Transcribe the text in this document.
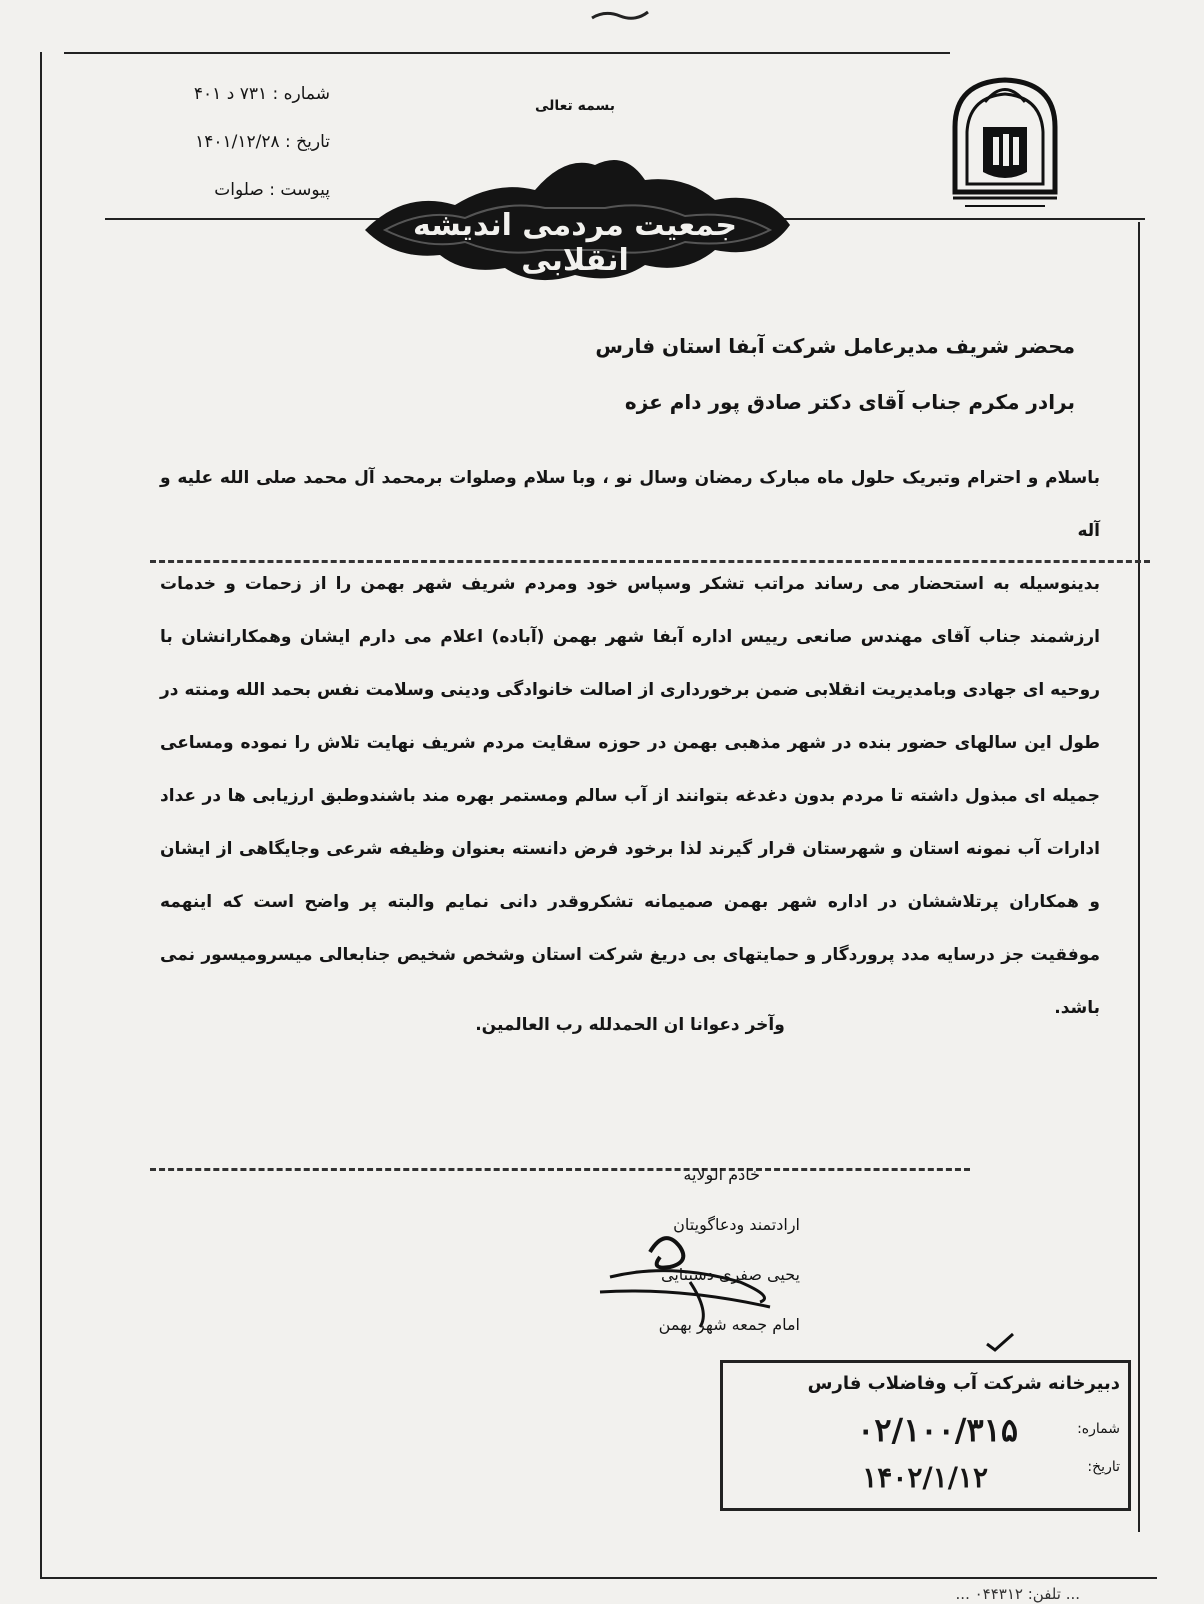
شماره : ۷۳۱ د ۴۰۱
تاریخ : ۱۴۰۱/۱۲/۲۸
پیوست : صلوات
بسمه تعالی
جمعیت مردمی اندیشه انقلابی
محضر شریف مدیرعامل شرکت آبفا استان فارس
برادر مکرم جناب آقای دکتر صادق پور دام عزه

باسلام و احترام وتبریک حلول ماه مبارک رمضان وسال نو ، وبا سلام وصلوات برمحمد آل محمد صلی الله علیه و آله

بدینوسیله به استحضار می رساند مراتب تشکر وسپاس خود ومردم شریف شهر بهمن را از زحمات و خدمات ارزشمند جناب آقای مهندس صانعی رییس اداره آبفا شهر بهمن (آباده) اعلام می دارم ایشان وهمکارانشان با روحیه ای جهادی وبامدیریت انقلابی ضمن برخورداری از اصالت خانوادگی ودینی وسلامت نفس بحمد الله ومنته در طول این سالهای حضور بنده در شهر مذهبی بهمن در حوزه سقایت مردم شریف نهایت تلاش را نموده ومساعی جمیله ای مبذول داشته تا مردم بدون دغدغه بتوانند از آب سالم ومستمر بهره مند باشندوطبق ارزیابی ها در عداد ادارات آب نمونه استان و شهرستان قرار گیرند لذا برخود فرض دانسته بعنوان وظیفه شرعی وجایگاهی از ایشان و همکاران پرتلاششان در اداره شهر بهمن صمیمانه تشکروقدر دانی نمایم والبته پر واضح است که اینهمه موفقیت جز درسایه مدد پروردگار و حمایتهای بی دریغ شرکت استان وشخص شخیص جنابعالی میسرومیسور نمی باشد.

وآخر دعوانا ان الحمدلله رب العالمین.
خادم الولایه
ارادتمند ودعاگویتان
یحیی صفری دستنایی
امام جمعه شهر بهمن
دبیرخانه شرکت آب وفاضلاب فارس
شماره:
۰۲/۱۰۰/۳۱۵
تاریخ:
۱۴۰۲/۱/۱۲
... تلفن: ۰۴۴۳۱۲ ...
